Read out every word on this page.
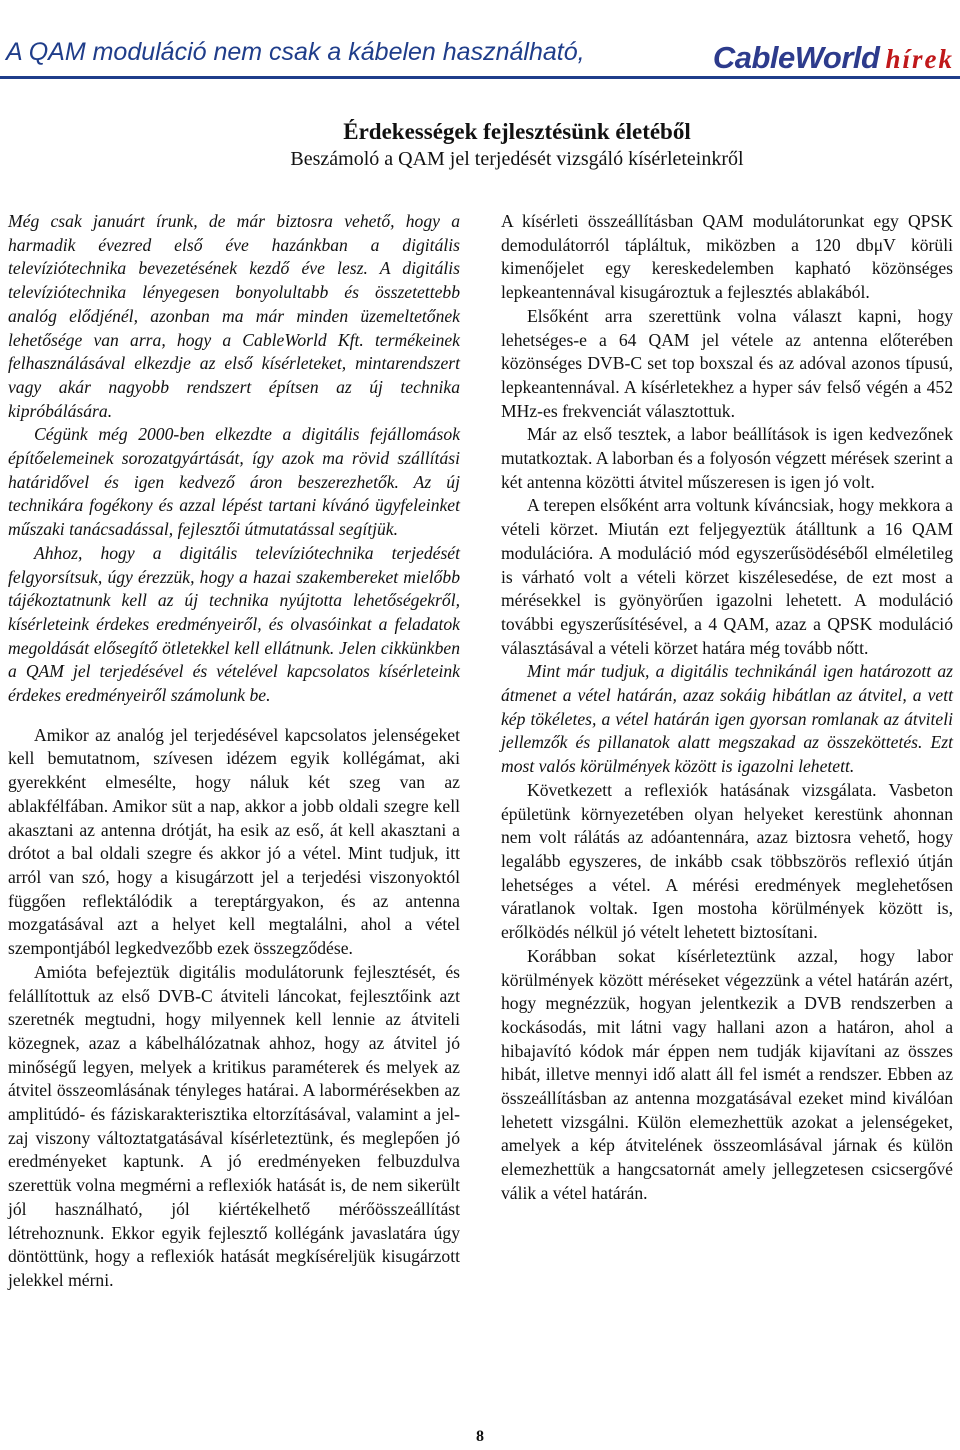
A QAM moduláció nem csak a kábelen használható,	CableWorld hírek
Érdekességek fejlesztésünk életéből
Beszámoló a QAM jel terjedését vizsgáló kísérleteinkről

Még csak januárt írunk, de már biztosra vehető, hogy a harmadik évezred első éve hazánkban a digitális televíziótechnika bevezetésének kezdő éve lesz. A digitális televíziótechnika lényegesen bonyolultabb és összetettebb analóg elődjénél, azonban ma már minden üzemeltetőnek lehetősége van arra, hogy a CableWorld Kft. termékeinek felhasználásával elkezdje az első kísérleteket, mintarendszert vagy akár nagyobb rendszert építsen az új technika kipróbálására.

Cégünk még 2000-ben elkezdte a digitális fejállomások építőelemeinek sorozatgyártását, így azok ma rövid szállítási határidővel és igen kedvező áron beszerezhetők. Az új technikára fogékony és azzal lépést tartani kívánó ügyfeleinket műszaki tanácsadással, fejlesztői útmutatással segítjük.

Ahhoz, hogy a digitális televíziótechnika terjedését felgyorsítsuk, úgy érezzük, hogy a hazai szakembereket mielőbb tájékoztatnunk kell az új technika nyújtotta lehetőségekről, kísérleteink érdekes eredményeiről, és olvasóinkat a feladatok megoldását elősegítő ötletekkel kell ellátnunk. Jelen cikkünkben a QAM jel terjedésével és vételével kapcsolatos kísérleteink érdekes eredményeiről számolunk be.

Amikor az analóg jel terjedésével kapcsolatos jelenségeket kell bemutatnom, szívesen idézem egyik kollégámat, aki gyerekként elmesélte, hogy náluk két szeg van az ablakfélfában. Amikor süt a nap, akkor a jobb oldali szegre kell akasztani az antenna drótját, ha esik az eső, át kell akasztani a drótot a bal oldali szegre és akkor jó a vétel. Mint tudjuk, itt arról van szó, hogy a kisugárzott jel a terjedési viszonyoktól függően reflektálódik a tereptárgyakon, és az antenna mozgatásával azt a helyet kell megtalálni, ahol a vétel szempontjából legkedvezőbb ezek összegződése.

Amióta befejeztük digitális modulátorunk fejlesztését, és felállítottuk az első DVB-C átviteli láncokat, fejlesztőink azt szeretnék megtudni, hogy milyennek kell lennie az átviteli közegnek, azaz a kábelhálózatnak ahhoz, hogy az átvitel jó minőségű legyen, melyek a kritikus paraméterek és melyek az átvitel összeomlásának tényleges határai. A labormérésekben az amplitúdó- és fáziskarakterisztika eltorzításával, valamint a jel-zaj viszony változtatgatásával kísérleteztünk, és meglepően jó eredményeket kaptunk. A jó eredményeken felbuzdulva szerettük volna megmérni a reflexiók hatását is, de nem sikerült jól használható, jól kiértékelhető mérőösszeállítást létrehoznunk. Ekkor egyik fejlesztő kollégánk javaslatára úgy döntöttünk, hogy a reflexiók hatását megkíséreljük kisugárzott jelekkel mérni.

A kísérleti összeállításban QAM modulátorunkat egy QPSK demodulátorról tápláltuk, miközben a 120 dbμV körüli kimenőjelet egy kereskedelemben kapható közönséges lepkeantennával kisugároztuk a fejlesztés ablakából.

Elsőként arra szerettünk volna választ kapni, hogy lehetséges-e a 64 QAM jel vétele az antenna előterében közönséges DVB-C set top boxszal és az adóval azonos típusú, lepkeantennával. A kísérletekhez a hyper sáv felső végén a 452 MHz-es frekvenciát választottuk.

Már az első tesztek, a labor beállítások is igen kedvezőnek mutatkoztak. A laborban és a folyosón végzett mérések szerint a két antenna közötti átvitel műszeresen is igen jó volt.

A terepen elsőként arra voltunk kíváncsiak, hogy mekkora a vételi körzet. Miután ezt feljegyeztük átálltunk a 16 QAM modulációra. A moduláció mód egyszerűsödéséből elméletileg is várható volt a vételi körzet kiszélesedése, de ezt most a mérésekkel is gyönyörűen igazolni lehetett. A moduláció további egyszerűsítésével, a 4 QAM, azaz a QPSK moduláció választásával a vételi körzet határa még tovább nőtt.

Mint már tudjuk, a digitális technikánál igen határozott az átmenet a vétel határán, azaz sokáig hibátlan az átvitel, a vett kép tökéletes, a vétel határán igen gyorsan romlanak az átviteli jellemzők és pillanatok alatt megszakad az összeköttetés. Ezt most valós körülmények között is igazolni lehetett.

Következett a reflexiók hatásának vizsgálata. Vasbeton épületünk környezetében olyan helyeket kerestünk ahonnan nem volt rálátás az adóantennára, azaz biztosra vehető, hogy legalább egyszeres, de inkább csak többszörös reflexió útján lehetséges a vétel. A mérési eredmények meglehetősen váratlanok voltak. Igen mostoha körülmények között is, erőlködés nélkül jó vételt lehetett biztosítani.

Korábban sokat kísérleteztünk azzal, hogy labor körülmények között méréseket végezzünk a vétel határán azért, hogy megnézzük, hogyan jelentkezik a DVB rendszerben a kockásodás, mit látni vagy hallani azon a határon, ahol a hibajavító kódok már éppen nem tudják kijavítani az összes hibát, illetve mennyi idő alatt áll fel ismét a rendszer. Ebben az összeállításban az antenna mozgatásával ezeket mind kiválóan lehetett vizsgálni. Külön elemezhettük azokat a jelenségeket, amelyek a kép átvitelének összeomlásával járnak és külön elemezhettük a hangcsatornát amely jellegzetesen csicsergővé válik a vétel határán.

8
